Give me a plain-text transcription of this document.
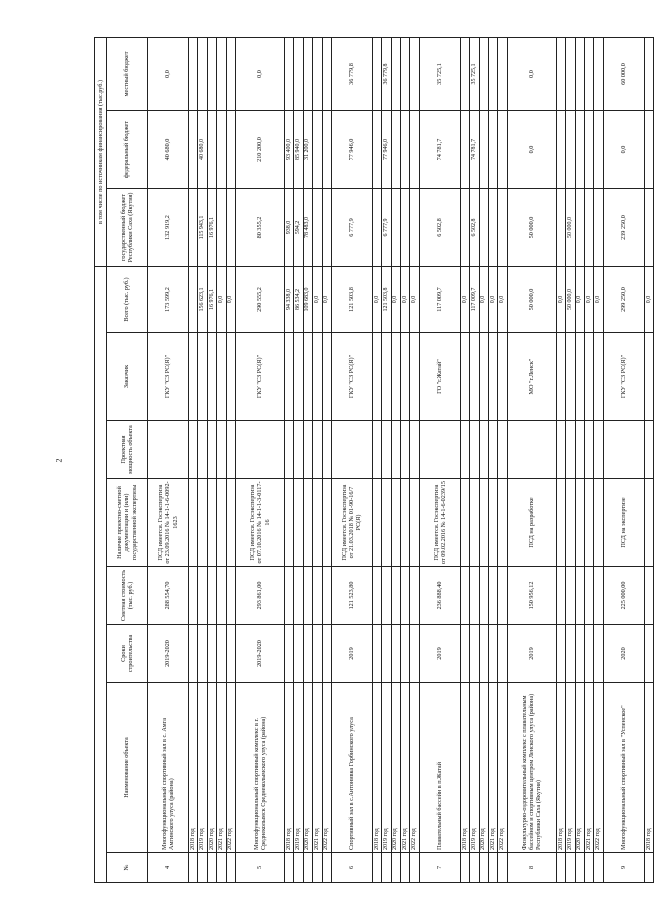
2
								в том числе по источникам финансирования (тыс.руб.)		
№	Наименование объекта	Сроки строительства	Сметная стоимость (тыс. руб.)	Наличие проектно-сметной документации и (или) государственной экспертизы	Проектная мощность объекта	Заказчик	Всего (тыс. руб.)	государственный бюджет Республики Саха (Якутия)	федеральный бюджет	местный бюджет
4	Многофункциональный спортивный зал в с. Амга Амгинского улуса (района)	2019-2020	288 554,70	ПСД имеется. Госэкспертиза от 23.09.2016 № 14-1-1-6-0092-1623		ГКУ "СЗ РС(Я)"	173 599,2	132 919,2	40 680,0	0,0
	2018 год									
	2019 год						156 623,1	115 943,1	40 680,0	
	2020 год						16 976,1	16 976,1		
	2021 год						0,0			
	2022 год						0,0			
5	Многофункциональный спортивный комплекс в г. Среднеколымск Среднеколымского улуса (района)	2019-2020	293 861,00	ПСД имеется. Госэкспертиза от 07.10.2016 № 14-1-1-3-0117-16		ГКУ "СЗ РС(Я)"	290 555,2	80 355,2	210 200,0	0,0
	2018 год						94 338,0	938,0	93 400,0	
	2019 год						86 534,2	594,2	85 940,0	
	2020 год						109 683,0	78 483,0	31 200,0	
	2021 год						0,0			
	2022 год						0,0			
6	Спортивный зал в с.Антонивка Горбинского улуса	2019	121 523,80	ПСД имеется. Госэкспертиза от 21.03.2018 № 01-90-16/7 РС(Я)		ГКУ "СЗ РС(Я)"	121 503,8	6 777,9	77 946,0	36 779,8
	2018 год						0,0			
	2019 год						121 503,8	6 777,9	77 946,0	36 779,8
	2020 год						0,0			
	2021 год						0,0			
	2022 год						0,0			
7	Плавательный бассейн в п.Жатай	2019	236 888,40	ПСД имеется. Госэкспертиза от 09.02.2016 № 14-1-6-0239/15		ГО "г.Жатай"	117 009,7	6 502,8	74 781,7	35 725,1
	2018 год						0,0			
	2019 год						117 009,7	6 502,8	74 781,7	35 725,1
	2020 год						0,0			
	2021 год						0,0			
	2022 год						0,0			
8	Физкультурно-оздоровительный комплекс с плавательным бассейном и спортивным центром Ленского улуса (района) Республики Саха (Якутия)	2019	150 956,12	ПСД на разработке		МО "г.Ленск"	50 000,0	50 000,0	0,0	0,0
	2018 год						0,0			
	2019 год						50 000,0	50 000,0		
	2020 год						0,0			
	2021 год						0,0			
	2022 год						0,0			
9	Многофункциональный спортивный зал в "Успенское"	2020	225 000,00	ПСД на экспертизе		ГКУ "СЗ РС(Я)"	299 250,0	239 250,0	0,0	60 000,0
	2018 год						0,0			
